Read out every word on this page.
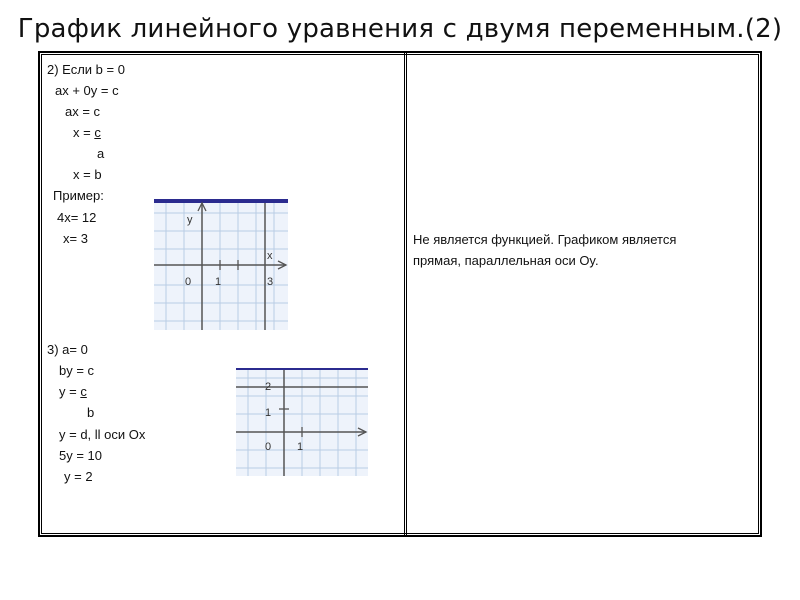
График линейного уравнения с двумя переменным.(2)
2) Если b = 0
ax + 0y = c
ax = c
x = c
a
x = b
Пример:
4x= 12
x= 3
y
x
0 1	3
3) a= 0
by = c
y = c
b
y = d, ll оси Ox
5y = 10
y = 2
2
1
0 1
Не является функцией. Графиком является
прямая, параллельная оси Oy.
